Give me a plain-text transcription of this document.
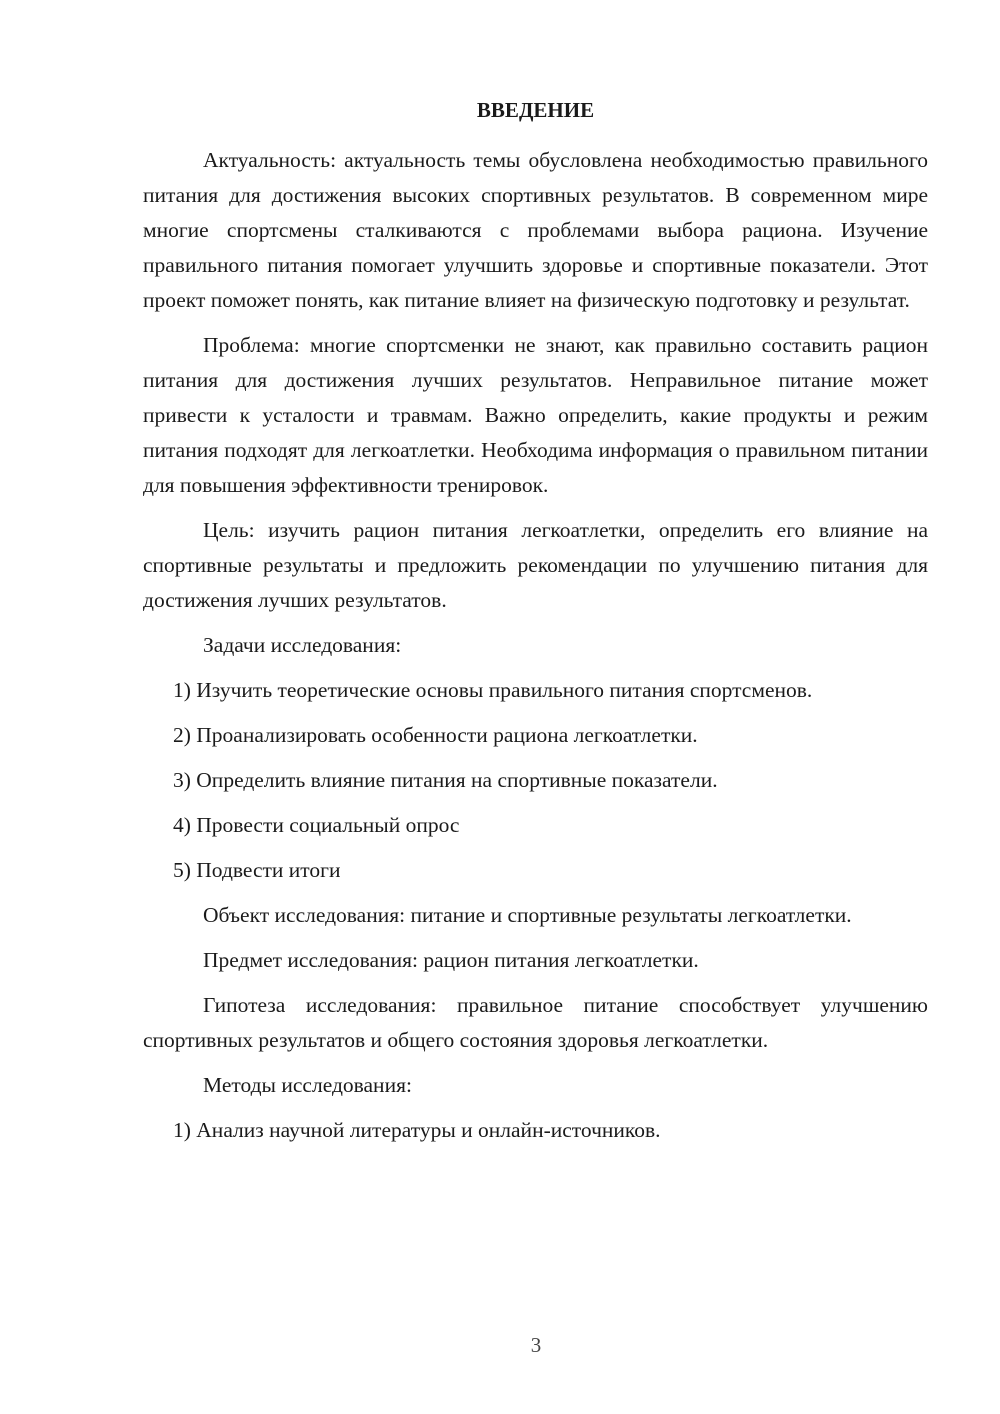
ВВЕДЕНИЕ

Актуальность: актуальность темы обусловлена необходимостью правильного питания для достижения высоких спортивных результатов. В современном мире многие спортсмены сталкиваются с проблемами выбора рациона. Изучение правильного питания помогает улучшить здоровье и спортивные показатели. Этот проект поможет понять, как питание влияет на физическую подготовку и результат.

Проблема: многие спортсменки не знают, как правильно составить рацион питания для достижения лучших результатов. Неправильное питание может привести к усталости и травмам. Важно определить, какие продукты и режим питания подходят для легкоатлетки. Необходима информация о правильном питании для повышения эффективности тренировок.

Цель: изучить рацион питания легкоатлетки, определить его влияние на спортивные результаты и предложить рекомендации по улучшению питания для достижения лучших результатов.

Задачи исследования:

1) Изучить теоретические основы правильного питания спортсменов.
2) Проанализировать особенности рациона легкоатлетки.
3) Определить влияние питания на спортивные показатели.
4) Провести социальный опрос
5) Подвести итоги

Объект исследования: питание и спортивные результаты легкоатлетки.

Предмет исследования: рацион питания легкоатлетки.

Гипотеза исследования: правильное питание способствует улучшению спортивных результатов и общего состояния здоровья легкоатлетки.

Методы исследования:

1) Анализ научной литературы и онлайн-источников.
3
